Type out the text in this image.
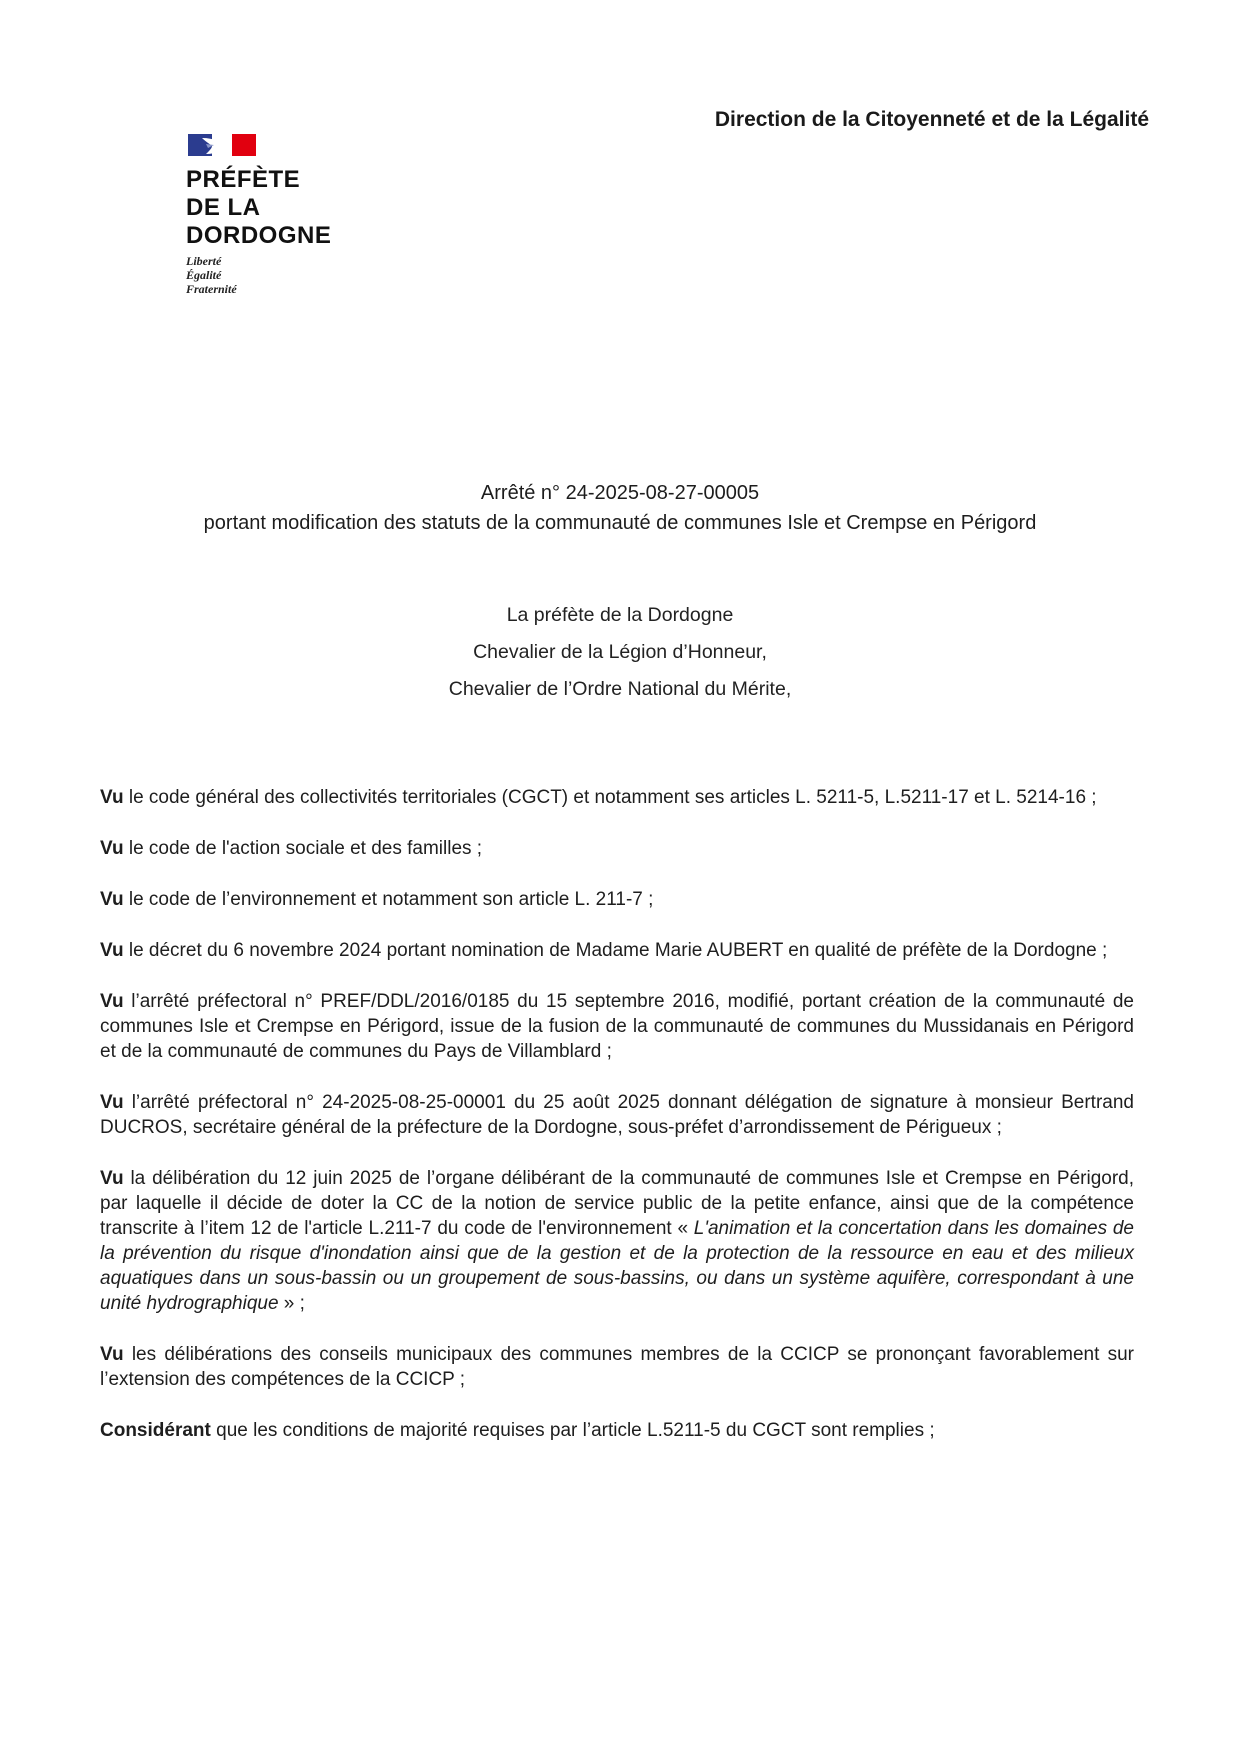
PRÉFÈTE
DE LA
DORDOGNE
Liberté
Égalité
Fraternité
Direction de la Citoyenneté et de la Légalité
Arrêté n° 24-2025-08-27-00005
portant modification des statuts de la communauté de communes Isle et Crempse en Périgord
La préfète de la Dordogne
Chevalier de la Légion d’Honneur,
Chevalier de l’Ordre National du Mérite,

Vu le code général des collectivités territoriales (CGCT) et notamment ses articles L. 5211-5, L.5211-17 et L. 5214-16 ;

Vu le code de l'action sociale et des familles ;

Vu le code de l’environnement et notamment son article L. 211-7 ;

Vu le décret du 6 novembre 2024 portant nomination de Madame Marie AUBERT en qualité de préfète de la Dordogne ;

Vu l’arrêté préfectoral n° PREF/DDL/2016/0185 du 15 septembre 2016, modifié, portant création de la communauté de communes Isle et Crempse en Périgord, issue de la fusion de la communauté de communes du Mussidanais en Périgord et de la communauté de communes du Pays de Villamblard ;

Vu l’arrêté préfectoral n° 24-2025-08-25-00001 du 25 août 2025 donnant délégation de signature à monsieur Bertrand DUCROS, secrétaire général de la préfecture de la Dordogne, sous-préfet d’arrondissement de Périgueux ;

Vu la délibération du 12 juin 2025 de l’organe délibérant de la communauté de communes Isle et Crempse en Périgord, par laquelle il décide de doter la CC de la notion de service public de la petite enfance, ainsi que de la compétence transcrite à l’item 12 de l'article L.211-7 du code de l'environnement « L'animation et la concertation dans les domaines de la prévention du risque d'inondation ainsi que de la gestion et de la protection de la ressource en eau et des milieux aquatiques dans un sous-bassin ou un groupement de sous-bassins, ou dans un système aquifère, correspondant à une unité hydrographique » ;

Vu les délibérations des conseils municipaux des communes membres de la CCICP se prononçant favorablement sur l’extension des compétences de la CCICP ;

Considérant que les conditions de majorité requises par l’article L.5211-5 du CGCT sont remplies ;
